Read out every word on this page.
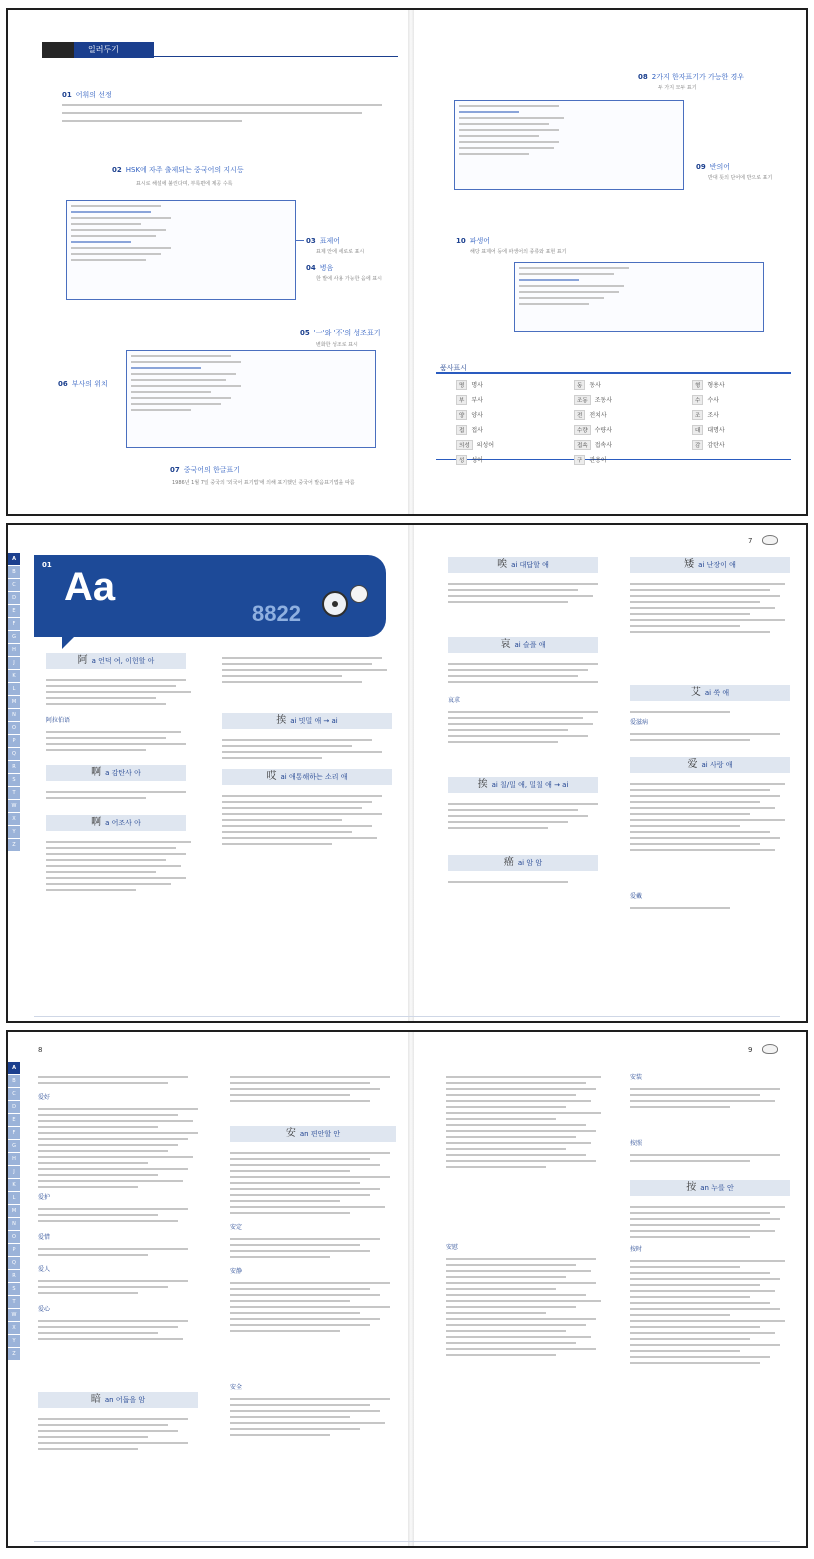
일러두기
01 어휘의 선정
02 HSK에 자주 출제되는 중국어의 지시등
표시로 해설에 불린다며, 부록편에 제공 수록
03 표제어
표제 안에 세로로 표시
04 병음
한 발에 사용 가능한 음에 표시
05 '一'와 '不'의 성조표기
변화한 성조로 표시
06 부사의 위치
07 중국어의 한글표기
1986년 1월 7일 중국의 '외국어 표기법'에 의해 표기했던 중국어 발음표기법을 따름
08 2가지 한자표기가 가능한 경우
두 가지 모두 표기
09 반의어
반대 뜻의 단어에 반으로 표기
10 파생어
해당 표제어 등에 파생어의 종류와 표현 표기
품사표시
명 명사	동 동사	형 형용사
부 부사	조동 조동사	수 수사
양 양사	전 전치사	조 조사
접 접사	수량 수량사	대 대명사
의성 의성어	접속 접속사	감 감탄사
성 성어	구 관용어
A
B
C
D
E
F
G
H
J
K
L
M
N
O
P
Q
R
S
T
W
X
Y
Z
01 Aa
8822
7
阿 a 언덕 여, 이헌할 아
阿拉伯语
啊 a 감탄사 아
啊 a 어조사 아
挨 ai 밋밀 애 → ai
哎 ai 애통해하는 소리 애
唉 ai 대답할 애
哀 ai 슬플 애
哀求
挨 ai 칠/밀 애, 밀칠 애 → ai
癌 ai 암 암
矮 ai 난장이 애
艾 ai 쑥 애
爱滋病
爱 ai 사랑 애
爱戴
A
B
C
D
E
F
G
H
J
K
L
M
N
O
P
Q
R
S
T
W
X
Y
Z
8	9
爱好
爱护
爱惜
爱人
爱心
暗 an 어둡을 암
安 an 편안할 안
安定
安静
安全
安慰
安装
按照
按 an 누를 안
按时
